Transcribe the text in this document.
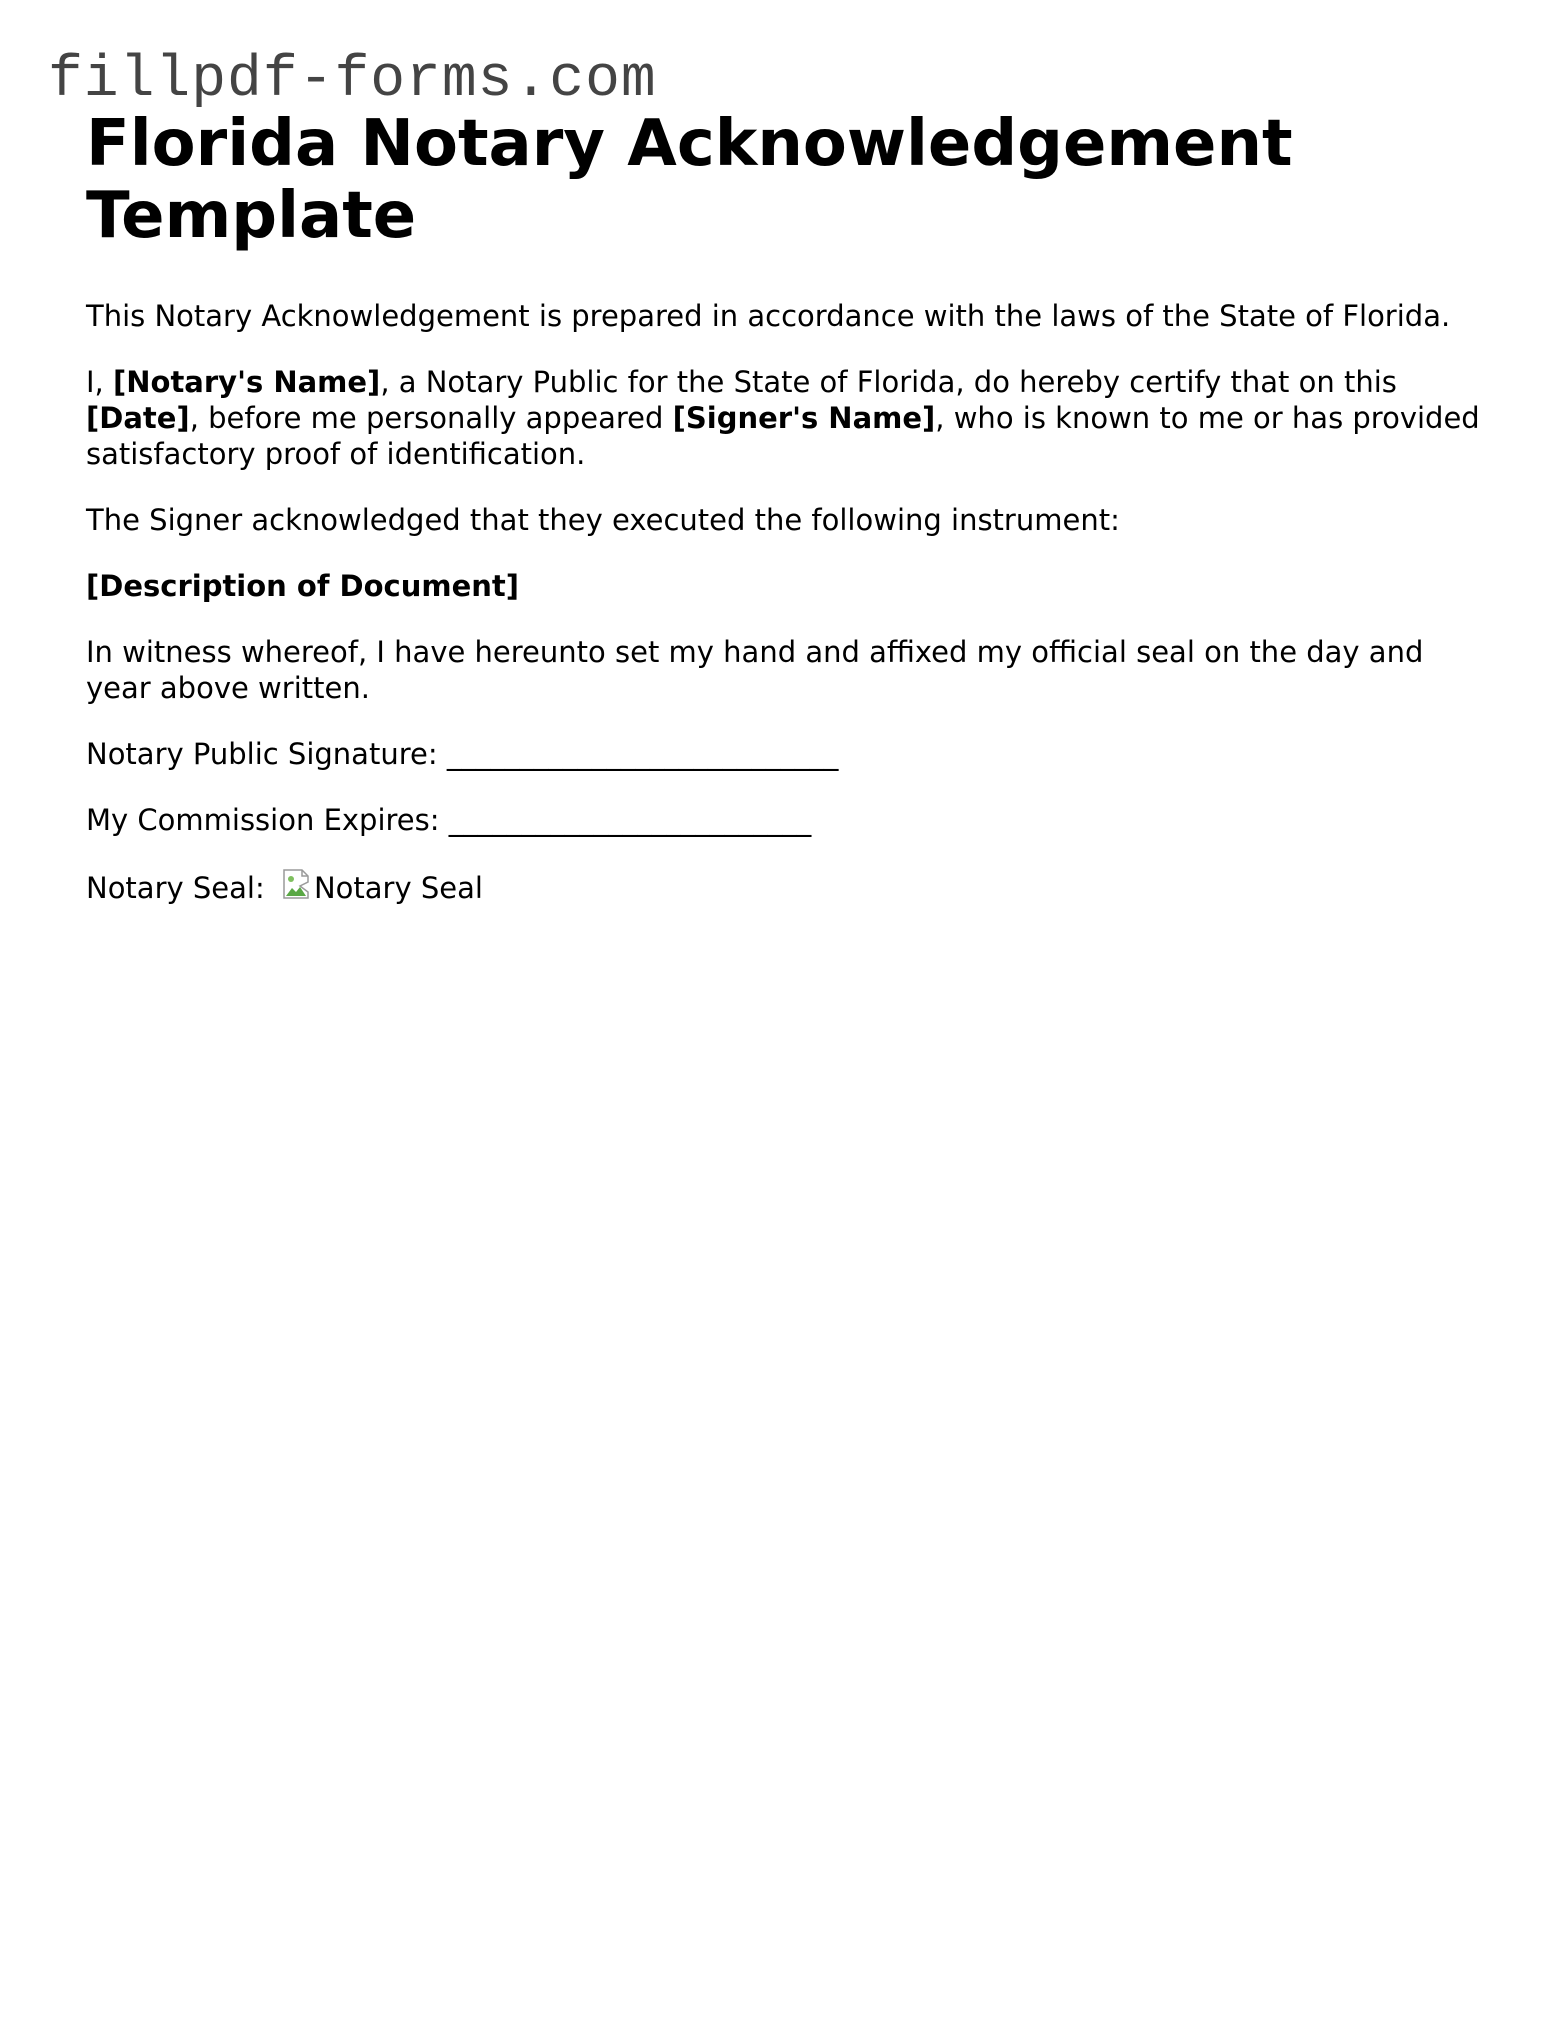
fillpdf-forms.com
Florida Notary Acknowledgement Template

This Notary Acknowledgement is prepared in accordance with the laws of the State of Florida.

I, [Notary's Name], a Notary Public for the State of Florida, do hereby certify that on this [Date], before me personally appeared [Signer's Name], who is known to me or has provided satisfactory proof of identification.

The Signer acknowledged that they executed the following instrument:

[Description of Document]

In witness whereof, I have hereunto set my hand and affixed my official seal on the day and year above written.

Notary Public Signature: ___________________________

My Commission Expires: _________________________

Notary Seal: Notary Seal
